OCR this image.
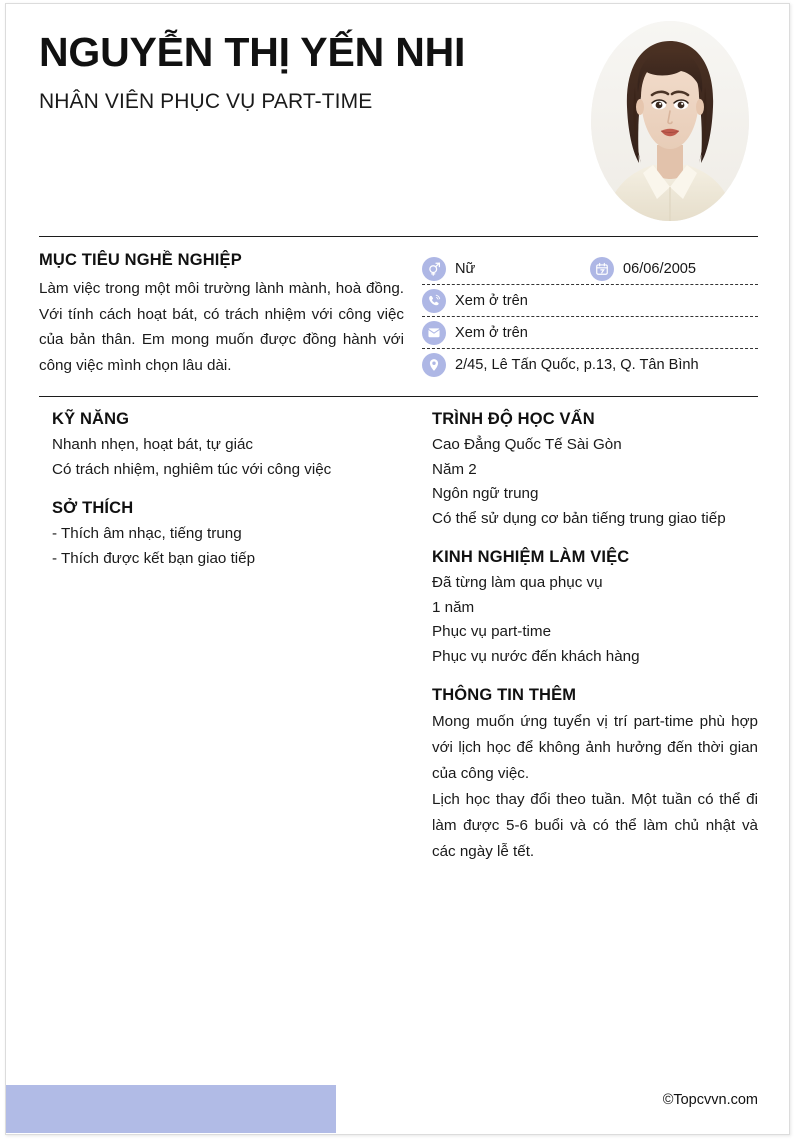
NGUYỄN THỊ YẾN NHI
NHÂN VIÊN PHỤC VỤ PART-TIME
MỤC TIÊU NGHỀ NGHIỆP
Làm việc trong một môi trường lành mành, hoà đồng. Với tính cách hoạt bát, có trách nhiệm với công việc của bản thân. Em mong muốn được đồng hành với công việc mình chọn lâu dài.
Nữ	06/06/2005
Xem ở trên
Xem ở trên
2/45, Lê Tấn Quốc, p.13, Q. Tân Bình
KỸ NĂNG
Nhanh nhẹn, hoạt bát, tự giác
Có trách nhiệm, nghiêm túc với công việc
SỞ THÍCH
- Thích âm nhạc, tiếng trung
- Thích được kết bạn giao tiếp
TRÌNH ĐỘ HỌC VẤN
Cao Đẳng Quốc Tế Sài Gòn
Năm 2
Ngôn ngữ trung
Có thể sử dụng cơ bản tiếng trung giao tiếp
KINH NGHIỆM LÀM VIỆC
Đã từng làm qua phục vụ
1 năm
Phục vụ part-time
Phục vụ nước đến khách hàng
THÔNG TIN THÊM
Mong muốn ứng tuyển vị trí part-time phù hợp với lịch học để không ảnh hưởng đến thời gian của công việc.
Lịch học thay đổi theo tuần. Một tuần có thể đi làm được 5-6 buổi và có thể làm chủ nhật và các ngày lễ tết.
©Topcvvn.com
